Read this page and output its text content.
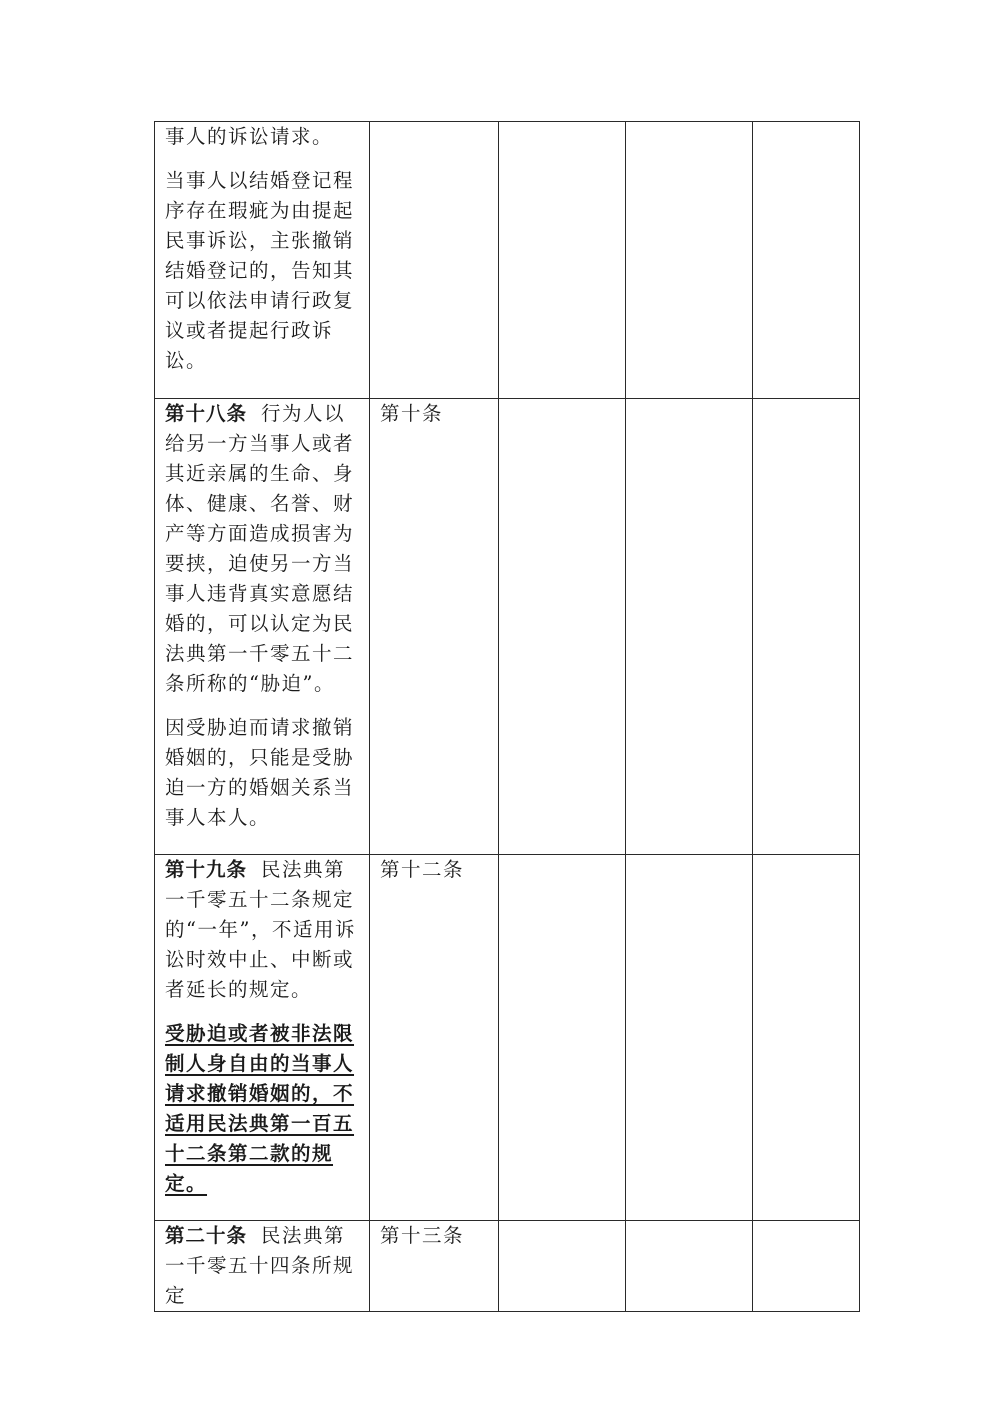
事人的诉讼请求。

当事人以结婚登记程序存在瑕疵为由提起民事诉讼，主张撤销结婚登记的，告知其可以依法申请行政复议或者提起行政诉讼。				

第十八条 行为人以给另一方当事人或者其近亲属的生命、身体、健康、名誉、财产等方面造成损害为要挟，迫使另一方当事人违背真实意愿结婚的，可以认定为民法典第一千零五十二条所称的“胁迫”。

因受胁迫而请求撤销婚姻的，只能是受胁迫一方的婚姻关系当事人本人。	第十条			

第十九条 民法典第一千零五十二条规定的“一年”，不适用诉讼时效中止、中断或者延长的规定。

受胁迫或者被非法限制人身自由的当事人请求撤销婚姻的，不适用民法典第一百五十二条第二款的规定。	第十二条			

第二十条 民法典第一千零五十四条所规定	第十三条			
